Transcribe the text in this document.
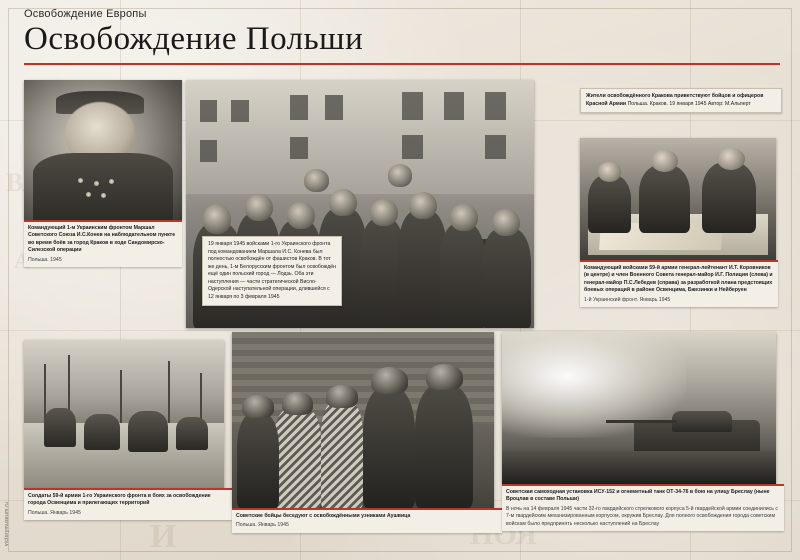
А
И	НОЯ

Освобождение Европы

Освобождение Польши
Командующий 1-м Украинским фронтом Маршал Советского Союза И.С.Конев на наблюдательном пункте во время боёв за город Краков в ходе Сандомирско-Силезской операции
Польша. 1945
19 января 1945 войсками 1-го Украинского фронта под командованием Маршала И.С. Конева был полностью освобождён от фашистов Краков. В тот же день, 1-м Белорусским фронтом был освобождён ещё один польский город — Лодзь. Оба эти наступления — части стратегической Висло-Одерской наступательной операции, длившейся с 12 января по 3 февраля 1945
Жители освобождённого Кракова приветствуют бойцов и офицеров Красной Армии Польша. Краков. 19 января 1945 Автор: М.Альперт
Командующий войсками 59-й армии генерал-лейтенант И.Т. Коровников (в центре) и член Военного Совета генерал-майор И.Г. Полиция (слева) и генерал-майор П.С.Лебедев (справа) за разработкой плана предстоящих боевых операций в районе Освенцима, Бжезинки и Нейберуен
1-й Украинский фронт. Январь 1945
Солдаты 59-й армии 1-го Украинского фронта в боях за освобождение города Освенцима и прилегающих территорий
Польша. Январь 1945
Советские бойцы беседуют с освобождёнными узниками Аушвица
Польша. Январь 1945
Советская самоходная установка ИСУ-152 и огнеметный танк ОТ-34-76 в бою на улицу Бреслау (ныне Вроцлав в составе Польши)
В ночь на 14 февраля 1945 части 32-го гвардейского стрелкового корпуса 5-й гвардейской армии соединились с 7-м гвардейским механизированным корпусом, окружив Бреслау. Для полного освобождения города советским войскам было предпринять несколько наступлений на Бреслау
victorymuseum.ru
